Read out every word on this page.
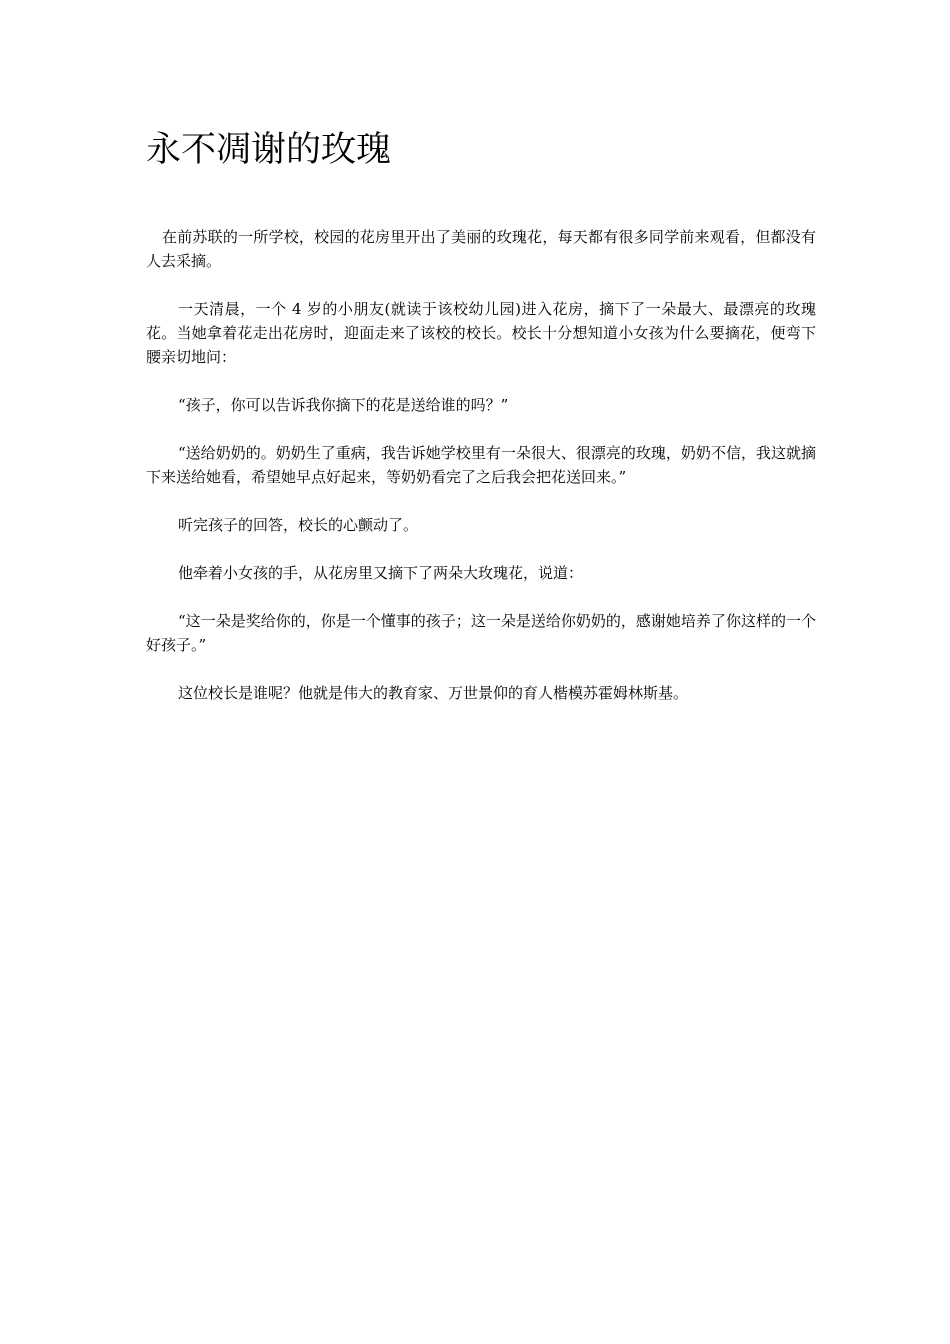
永不凋谢的玫瑰

在前苏联的一所学校，校园的花房里开出了美丽的玫瑰花，每天都有很多同学前来观看，但都没有人去采摘。

一天清晨，一个 4 岁的小朋友(就读于该校幼儿园)进入花房，摘下了一朵最大、最漂亮的玫瑰花。当她拿着花走出花房时，迎面走来了该校的校长。校长十分想知道小女孩为什么要摘花，便弯下腰亲切地问：

“孩子，你可以告诉我你摘下的花是送给谁的吗？”

“送给奶奶的。奶奶生了重病，我告诉她学校里有一朵很大、很漂亮的玫瑰，奶奶不信，我这就摘下来送给她看，希望她早点好起来，等奶奶看完了之后我会把花送回来。”

听完孩子的回答，校长的心颤动了。

他牵着小女孩的手，从花房里又摘下了两朵大玫瑰花，说道：

“这一朵是奖给你的，你是一个懂事的孩子；这一朵是送给你奶奶的，感谢她培养了你这样的一个好孩子。”

这位校长是谁呢？他就是伟大的教育家、万世景仰的育人楷模苏霍姆林斯基。
